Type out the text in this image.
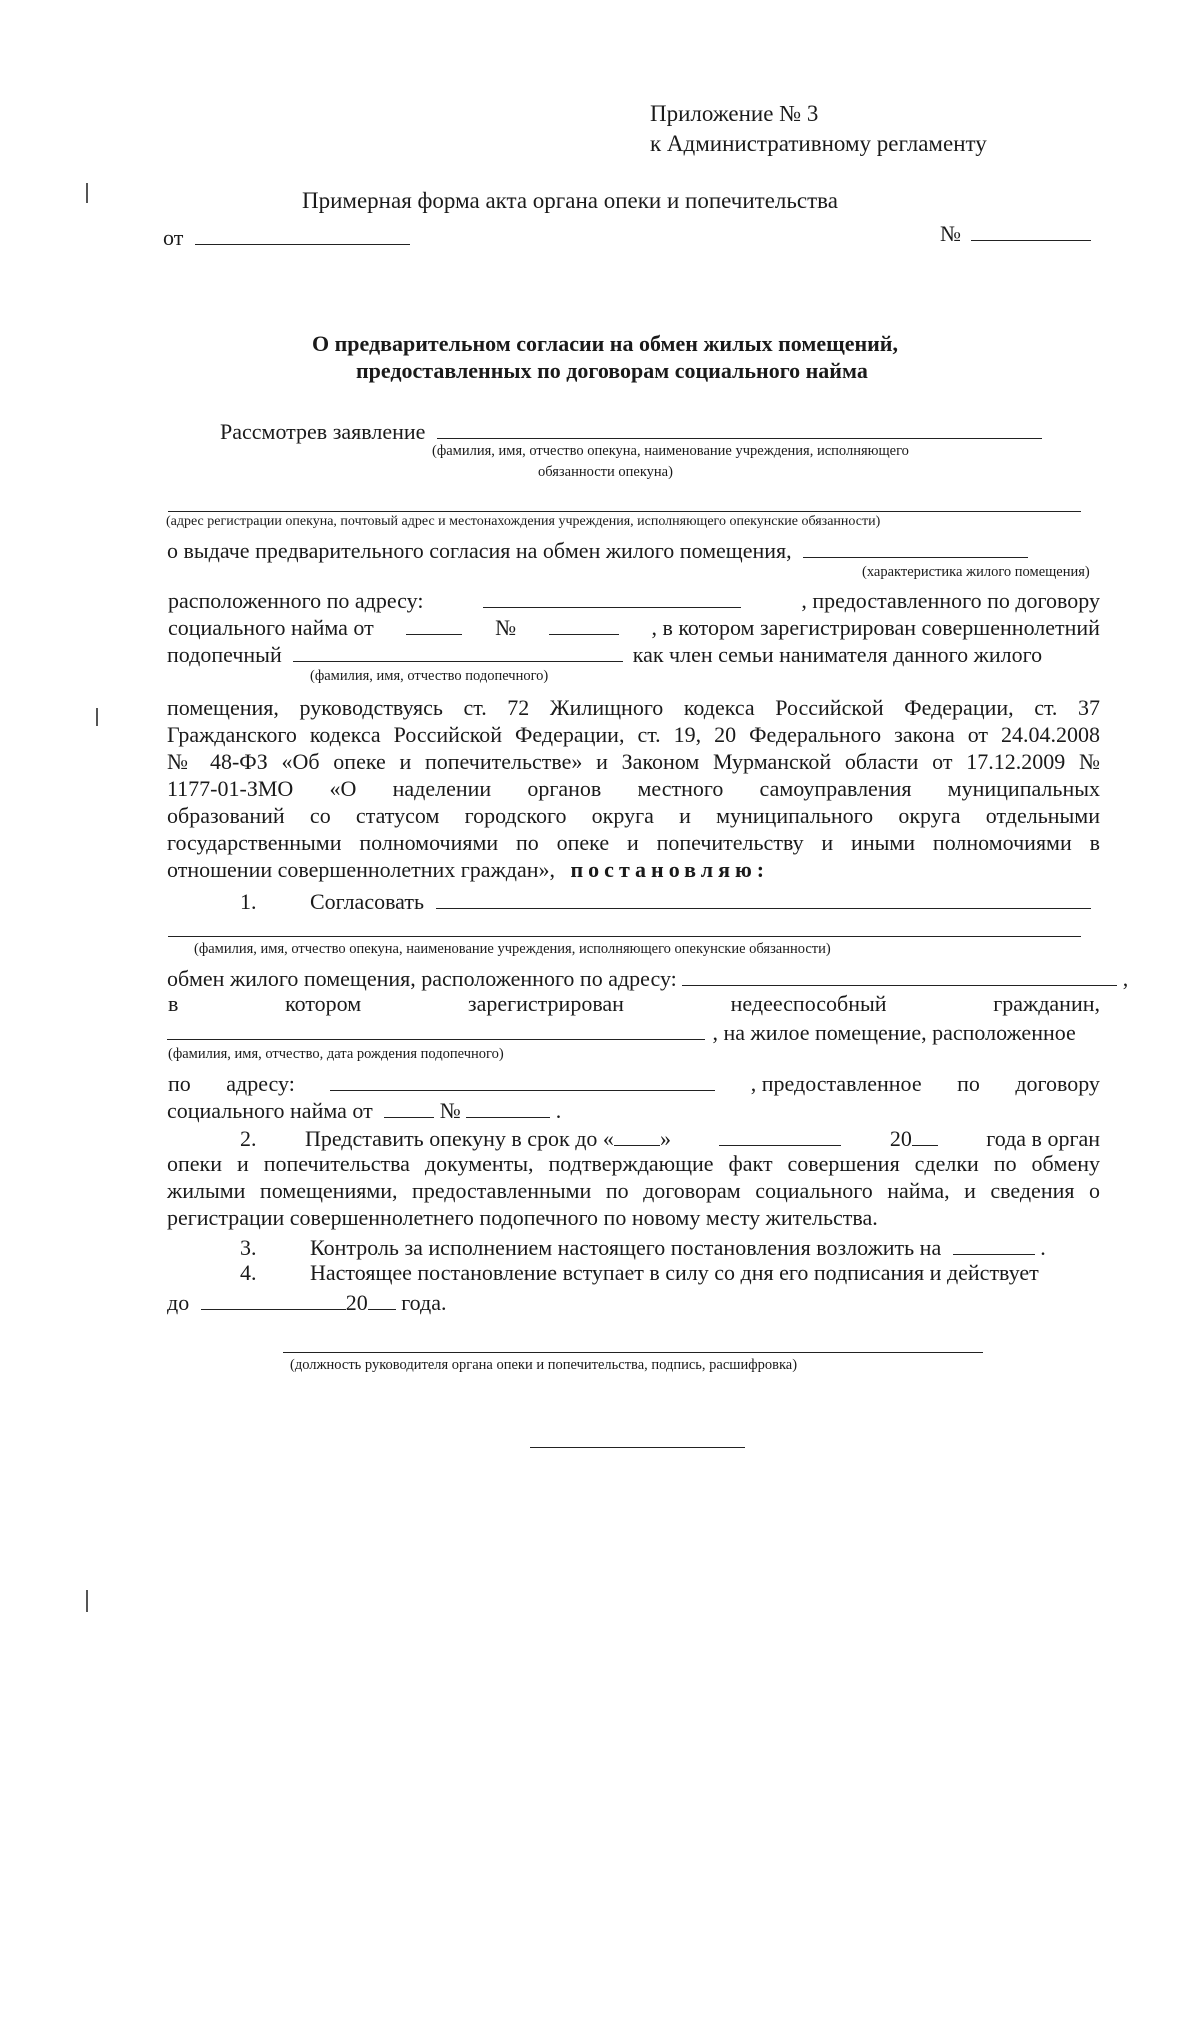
Приложение № 3
к Административному регламенту
Примерная форма акта органа опеки и попечительства
от	№
О предварительном согласии на обмен жилых помещений,
предоставленных по договорам социального найма
Рассмотрев заявление
(фамилия, имя, отчество опекуна, наименование учреждения, исполняющего
обязанности опекуна)
(адрес регистрации опекуна, почтовый адрес и местонахождения учреждения, исполняющего опекунские обязанности)
о выдаче предварительного согласия на обмен жилого помещения,
(характеристика жилого помещения)
расположенного по адресу:	, предоставленного по договору
социального найма от	№	, в котором зарегистрирован совершеннолетний
подопечный	как член семьи нанимателя данного жилого
(фамилия, имя, отчество подопечного)
помещения, руководствуясь ст. 72 Жилищного кодекса Российской Федерации, ст. 37
Гражданского кодекса Российской Федерации, ст. 19, 20 Федерального закона от 24.04.2008
№ 48-ФЗ «Об опеке и попечительстве» и Законом Мурманской области от 17.12.2009 №
1177-01-ЗМО «О наделении органов местного самоуправления муниципальных
образований со статусом городского округа и муниципального округа отдельными
государственными полномочиями по опеке и попечительству и иными полномочиями в
отношении совершеннолетних граждан», постановляю:
1. Согласовать
(фамилия, имя, отчество опекуна, наименование учреждения, исполняющего опекунские обязанности)
обмен жилого помещения, расположенного по адресу:	,
в	котором	зарегистрирован	недееспособный	гражданин,
, на жилое помещение, расположенное
(фамилия, имя, отчество, дата рождения подопечного)
по адресу:	, предоставленное по договору
социального найма от	№	.
2. Представить опекуну в срок до « »	20	года в орган
опеки и попечительства документы, подтверждающие факт совершения сделки по обмену
жилыми помещениями, предоставленными по договорам социального найма, и сведения о
регистрации совершеннолетнего подопечного по новому месту жительства.
3. Контроль за исполнением настоящего постановления возложить на	.
4. Настоящее постановление вступает в силу со дня его подписания и действует
до	20 года.
(должность руководителя органа опеки и попечительства, подпись, расшифровка)
